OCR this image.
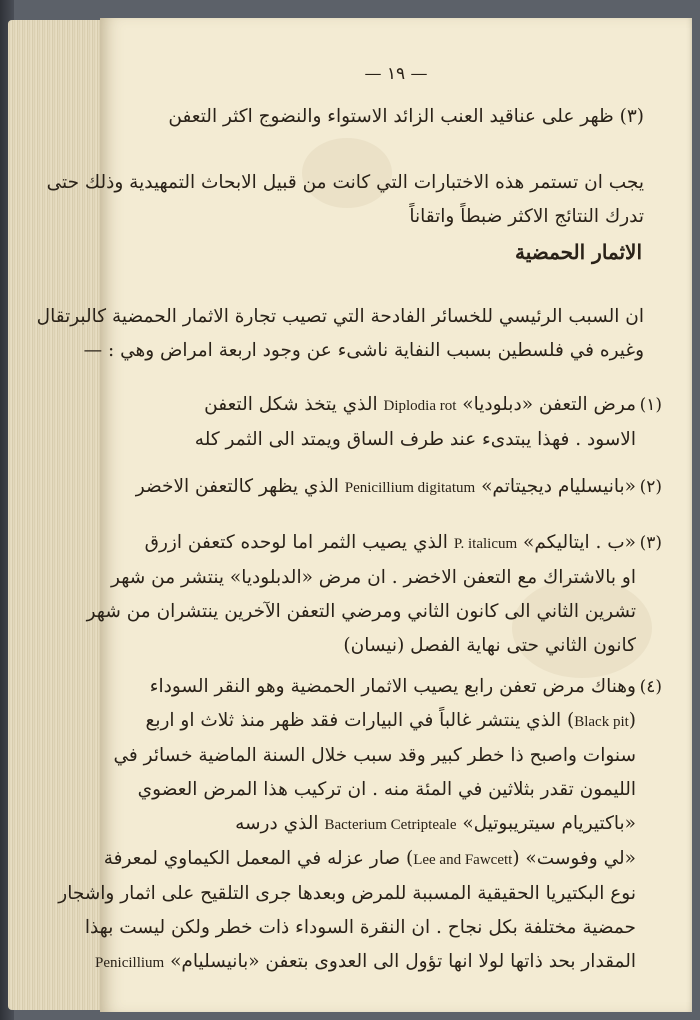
— ١٩ —
(٣) ظهر على عناقيد العنب الزائد الاستواء والنضوج اكثر التعفن
يجب ان تستمر هذه الاختبارات التي كانت من قبيل الابحاث التمهيدية وذلك حتى
تدرك النتائج الاكثر ضبطاً واتقاناً
الاثمار الحمضية
ان السبب الرئيسي للخسائر الفادحة التي تصيب تجارة الاثمار الحمضية كالبرتقال
وغيره في فلسطين بسبب النفاية ناشىء عن وجود اربعة امراض وهي : —
(١)
مرض التعفن «دبلوديا» Diplodia rot الذي يتخذ شكل التعفن
الاسود . فهذا يبتدىء عند طرف الساق ويمتد الى الثمر كله
(٢)
«بانيسليام ديجيتاتم» Penicillium digitatum الذي يظهر كالتعفن الاخضر
(٣)
«ب . ايتاليكم» P. italicum الذي يصيب الثمر اما لوحده كتعفن ازرق
او بالاشتراك مع التعفن الاخضر . ان مرض «الدبلوديا» ينتشر من شهر
تشرين الثاني الى كانون الثاني ومرضي التعفن الآخرين ينتشران من شهر
كانون الثاني حتى نهاية الفصل (نيسان)
(٤)
وهناك مرض تعفن رابع يصيب الاثمار الحمضية وهو النقر السوداء
(Black pit) الذي ينتشر غالباً في البيارات فقد ظهر منذ ثلاث او اربع
سنوات واصبح ذا خطر كبير وقد سبب خلال السنة الماضية خسائر في
الليمون تقدر بثلاثين في المئة منه . ان تركيب هذا المرض العضوي
«باكتيريام سيتريبوتيل» Bacterium Cetripteale الذي درسه
«لي وفوست» (Lee and Fawcett) صار عزله في المعمل الكيماوي لمعرفة
نوع البكتيريا الحقيقية المسببة للمرض وبعدها جرى التلقيح على اثمار واشجار
حمضية مختلفة بكل نجاح . ان النقرة السوداء ذات خطر ولكن ليست بهذا
المقدار بحد ذاتها لولا انها تؤول الى العدوى بتعفن «بانيسليام» Penicillium
